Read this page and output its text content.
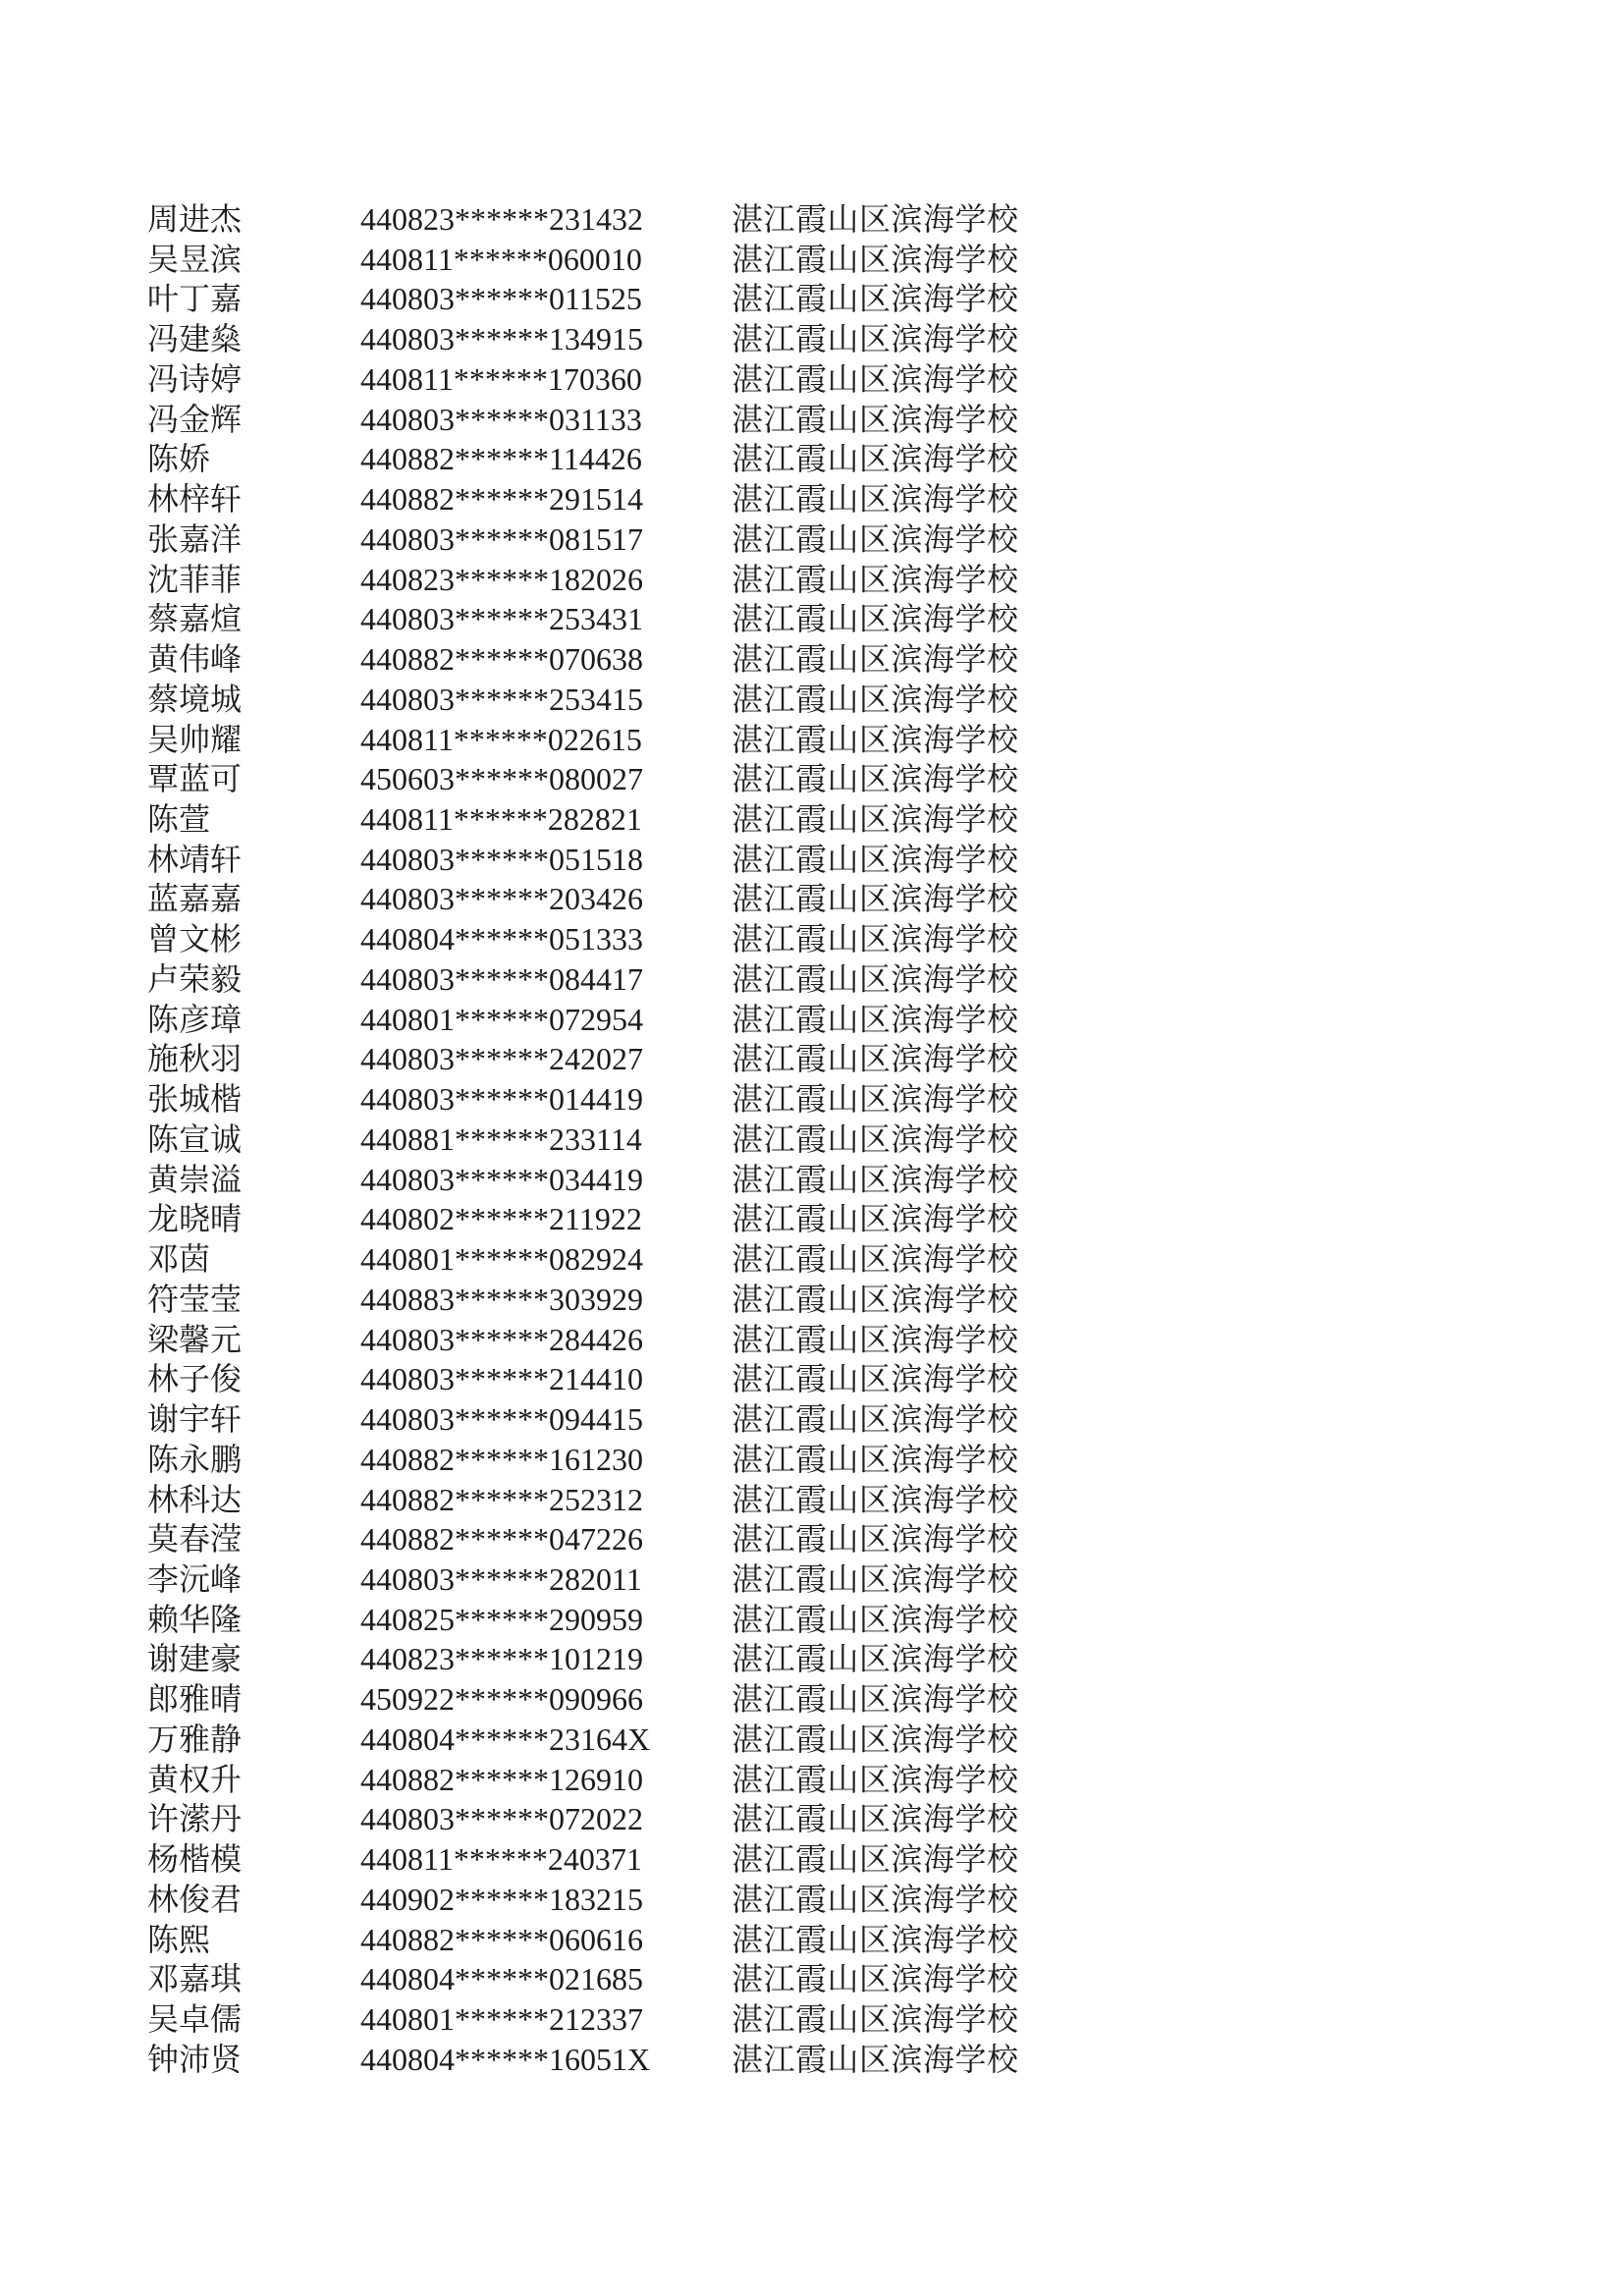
周进杰	440823******231432	湛江霞山区滨海学校
吴昱滨	440811******060010	湛江霞山区滨海学校
叶丁嘉	440803******011525	湛江霞山区滨海学校
冯建燊	440803******134915	湛江霞山区滨海学校
冯诗婷	440811******170360	湛江霞山区滨海学校
冯金辉	440803******031133	湛江霞山区滨海学校
陈娇	440882******114426	湛江霞山区滨海学校
林梓轩	440882******291514	湛江霞山区滨海学校
张嘉洋	440803******081517	湛江霞山区滨海学校
沈菲菲	440823******182026	湛江霞山区滨海学校
蔡嘉煊	440803******253431	湛江霞山区滨海学校
黄伟峰	440882******070638	湛江霞山区滨海学校
蔡境城	440803******253415	湛江霞山区滨海学校
吴帅耀	440811******022615	湛江霞山区滨海学校
覃蓝可	450603******080027	湛江霞山区滨海学校
陈萱	440811******282821	湛江霞山区滨海学校
林靖轩	440803******051518	湛江霞山区滨海学校
蓝嘉嘉	440803******203426	湛江霞山区滨海学校
曾文彬	440804******051333	湛江霞山区滨海学校
卢荣毅	440803******084417	湛江霞山区滨海学校
陈彦璋	440801******072954	湛江霞山区滨海学校
施秋羽	440803******242027	湛江霞山区滨海学校
张城楷	440803******014419	湛江霞山区滨海学校
陈宣诚	440881******233114	湛江霞山区滨海学校
黄崇溢	440803******034419	湛江霞山区滨海学校
龙晓晴	440802******211922	湛江霞山区滨海学校
邓茵	440801******082924	湛江霞山区滨海学校
符莹莹	440883******303929	湛江霞山区滨海学校
梁馨元	440803******284426	湛江霞山区滨海学校
林子俊	440803******214410	湛江霞山区滨海学校
谢宇轩	440803******094415	湛江霞山区滨海学校
陈永鹏	440882******161230	湛江霞山区滨海学校
林科达	440882******252312	湛江霞山区滨海学校
莫春滢	440882******047226	湛江霞山区滨海学校
李沅峰	440803******282011	湛江霞山区滨海学校
赖华隆	440825******290959	湛江霞山区滨海学校
谢建豪	440823******101219	湛江霞山区滨海学校
郎雅晴	450922******090966	湛江霞山区滨海学校
万雅静	440804******23164X	湛江霞山区滨海学校
黄权升	440882******126910	湛江霞山区滨海学校
许潆丹	440803******072022	湛江霞山区滨海学校
杨楷模	440811******240371	湛江霞山区滨海学校
林俊君	440902******183215	湛江霞山区滨海学校
陈熙	440882******060616	湛江霞山区滨海学校
邓嘉琪	440804******021685	湛江霞山区滨海学校
吴卓儒	440801******212337	湛江霞山区滨海学校
钟沛贤	440804******16051X	湛江霞山区滨海学校
